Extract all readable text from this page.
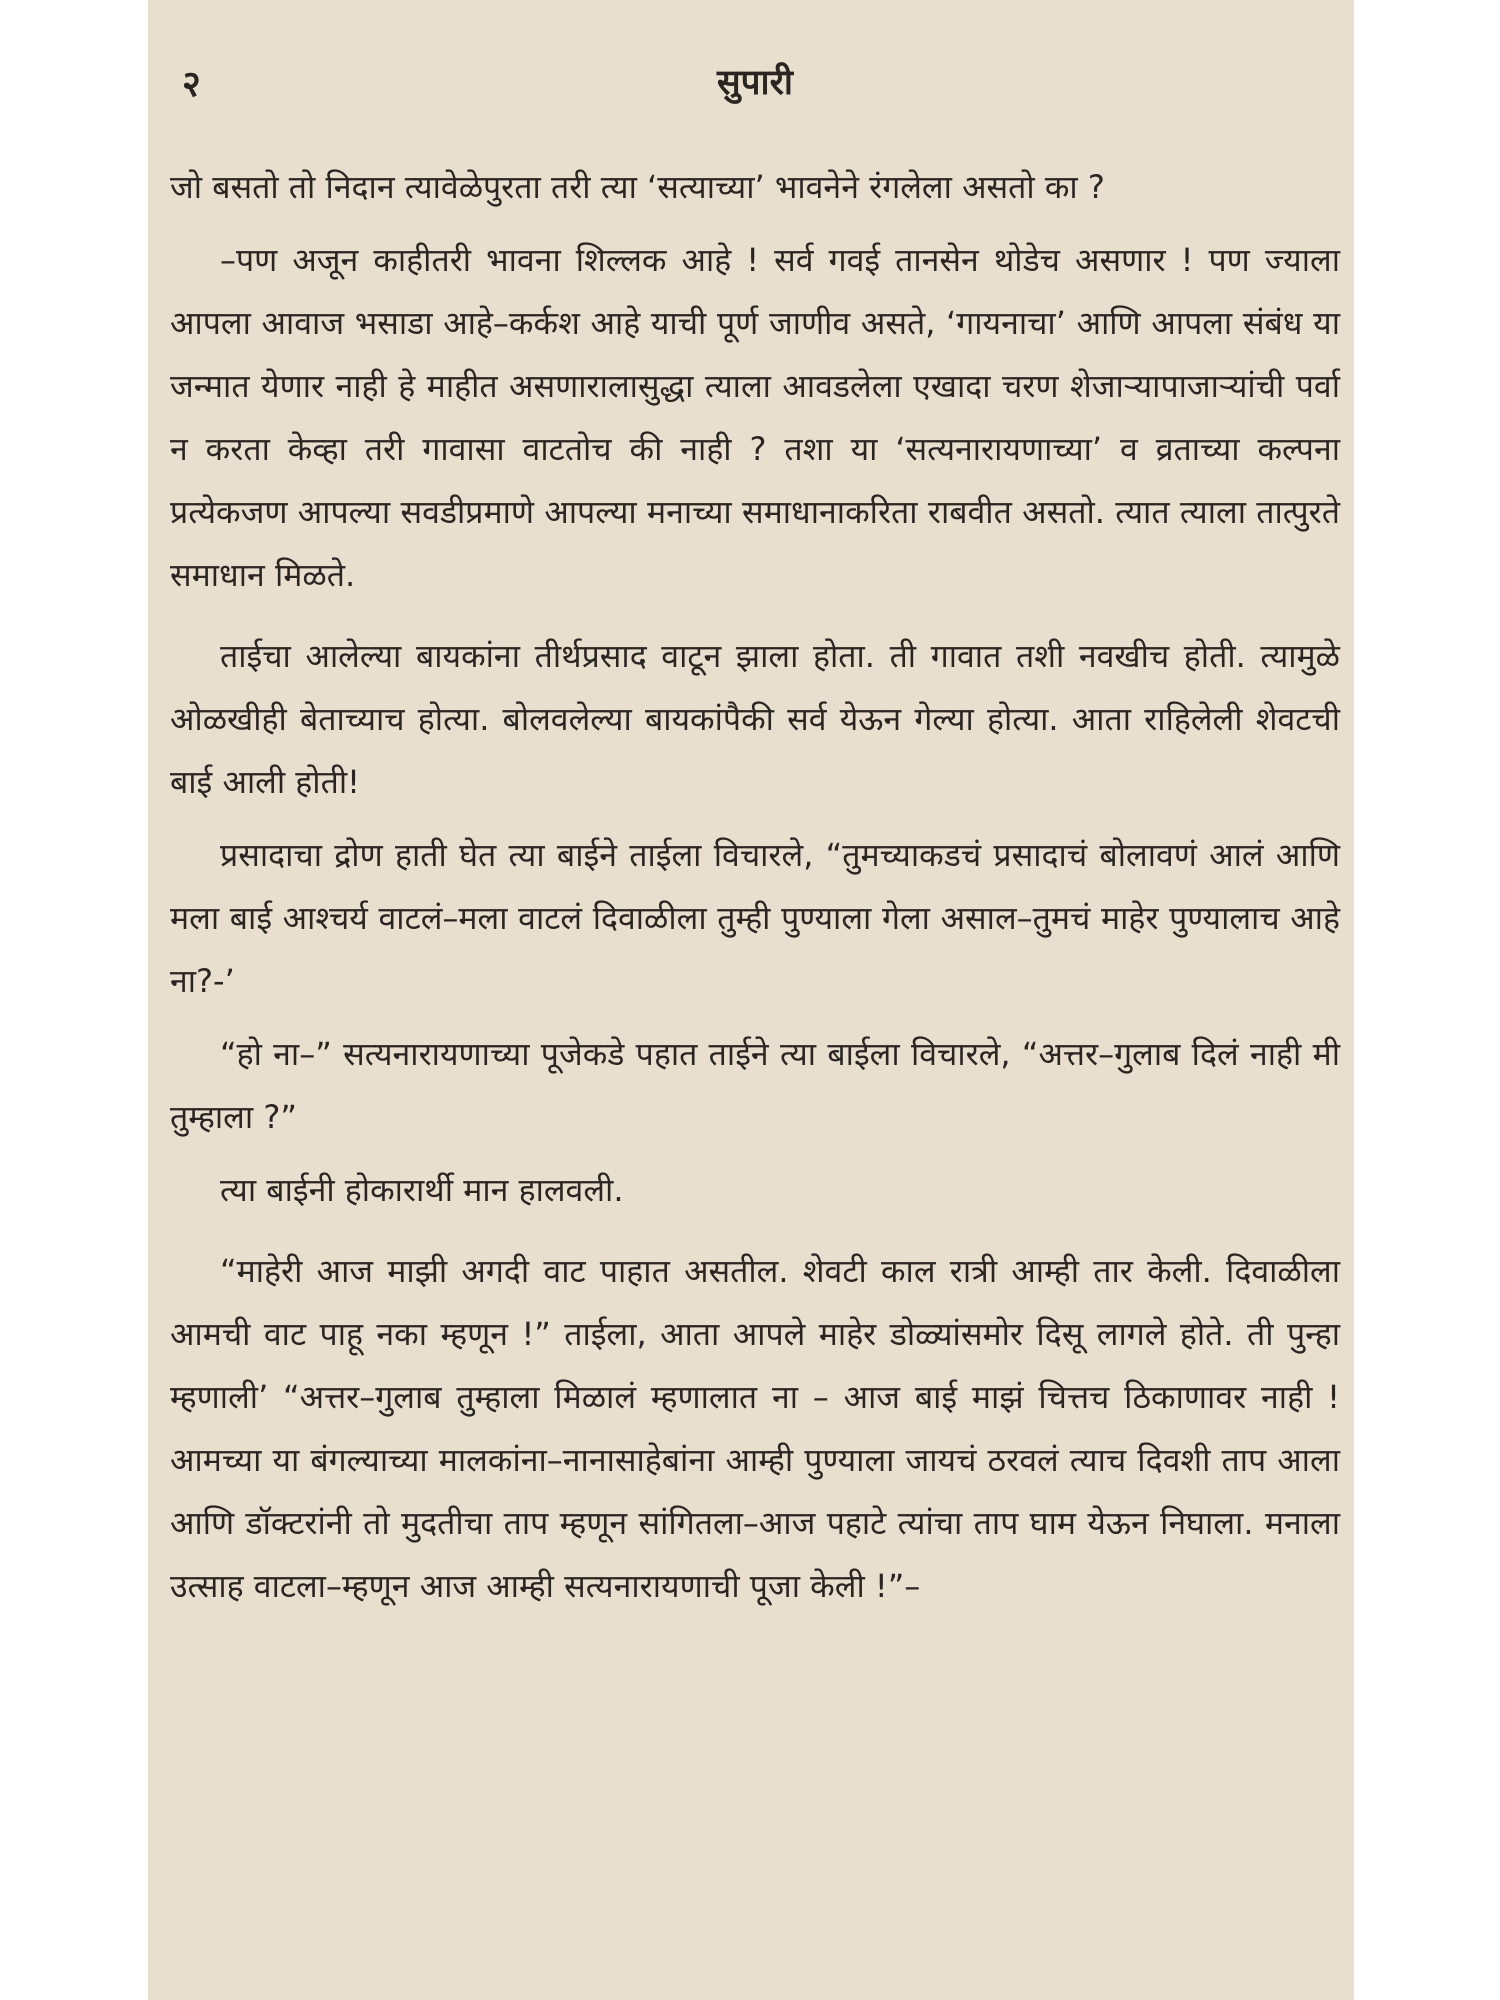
२	सुपारी

जो बसतो तो निदान त्यावेळेपुरता तरी त्या ‘सत्याच्या’ भावनेने रंगलेला असतो का ?

–पण अजून काहीतरी भावना शिल्लक आहे ! सर्व गवई तानसेन थोडेच असणार ! पण ज्याला आपला आवाज भसाडा आहे–कर्कश आहे याची पूर्ण जाणीव असते, ‘गायनाचा’ आणि आपला संबंध या जन्मात येणार नाही हे माहीत असणारालासुद्धा त्याला आवडलेला एखादा चरण शेजाऱ्यापाजाऱ्यांची पर्वा न करता केव्हा तरी गावासा वाटतोच की नाही ? तशा या ‘सत्यनारायणाच्या’ व व्रताच्या कल्पना प्रत्येकजण आपल्या सवडीप्रमाणे आपल्या मनाच्या समाधानाकरिता राबवीत असतो. त्यात त्याला तात्पुरते समाधान मिळते.

ताईचा आलेल्या बायकांना तीर्थप्रसाद वाटून झाला होता. ती गावात तशी नवखीच होती. त्यामुळे ओळखीही बेताच्याच होत्या. बोलवलेल्या बायकांपैकी सर्व येऊन गेल्या होत्या. आता राहिलेली शेवटची बाई आली होती!

प्रसादाचा द्रोण हाती घेत त्या बाईने ताईला विचारले, “तुमच्याकडचं प्रसादाचं बोलावणं आलं आणि मला बाई आश्चर्य वाटलं–मला वाटलं दिवाळीला तुम्ही पुण्याला गेला असाल–तुमचं माहेर पुण्यालाच आहे ना?-’

“हो ना–” सत्यनारायणाच्या पूजेकडे पहात ताईने त्या बाईला विचारले, “अत्तर–गुलाब दिलं नाही मी तुम्हाला ?”

त्या बाईनी होकारार्थी मान हालवली.

“माहेरी आज माझी अगदी वाट पाहात असतील. शेवटी काल रात्री आम्ही तार केली. दिवाळीला आमची वाट पाहू नका म्हणून !” ताईला, आता आपले माहेर डोळ्यांसमोर दिसू लागले होते. ती पुन्हा म्हणाली’ “अत्तर–गुलाब तुम्हाला मिळालं म्हणालात ना – आज बाई माझं चित्तच ठिकाणावर नाही ! आमच्या या बंगल्याच्या मालकांना–नानासाहेबांना आम्ही पुण्याला जायचं ठरवलं त्याच दिवशी ताप आला आणि डॉक्टरांनी तो मुदतीचा ताप म्हणून सांगितला–आज पहाटे त्यांचा ताप घाम येऊन निघाला. मनाला उत्साह वाटला–म्हणून आज आम्ही सत्यनारायणाची पूजा केली !”–
